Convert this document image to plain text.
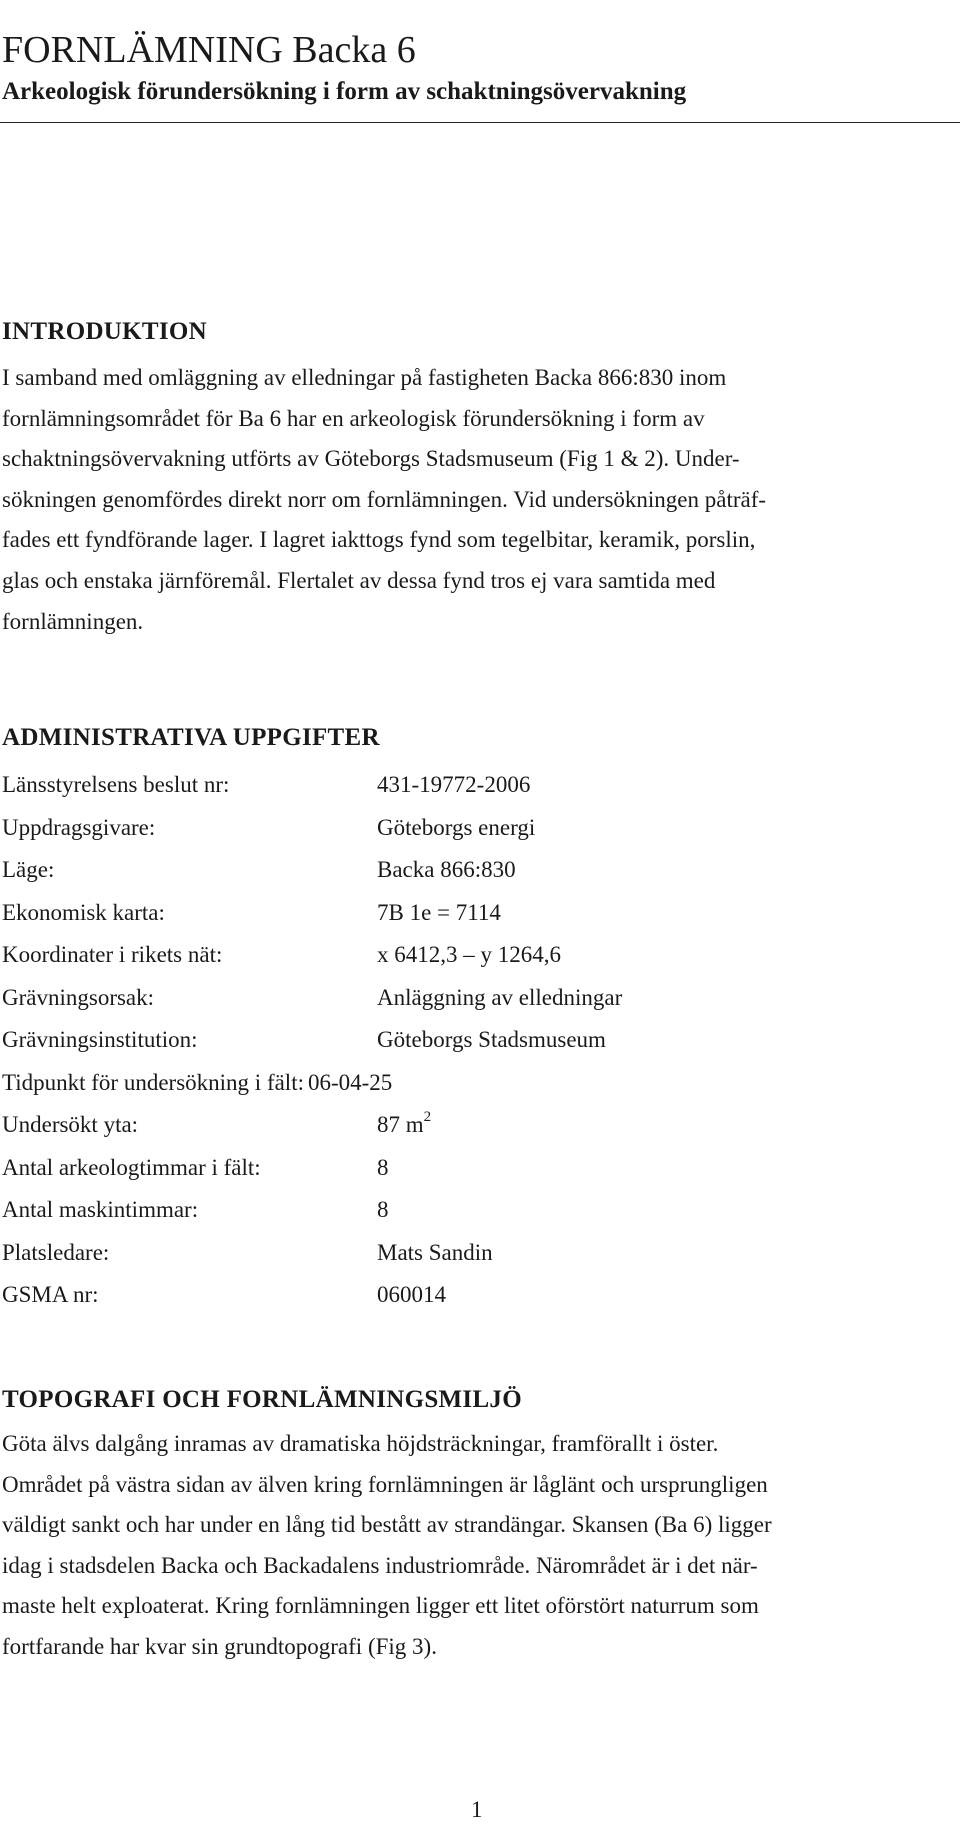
FORNLÄMNING Backa 6
Arkeologisk förundersökning i form av schaktningsövervakning
INTRODUKTION
I samband med omläggning av elledningar på fastigheten Backa 866:830 inom
fornlämningsområdet för Ba 6 har en arkeologisk förundersökning i form av
schaktningsövervakning utförts av Göteborgs Stadsmuseum (Fig 1 & 2). Under-
sökningen genomfördes direkt norr om fornlämningen. Vid undersökningen påträf-
fades ett fyndförande lager. I lagret iakttogs fynd som tegelbitar, keramik, porslin,
glas och enstaka järnföremål. Flertalet av dessa fynd tros ej vara samtida med
fornlämningen.
ADMINISTRATIVA UPPGIFTER
Länsstyrelsens beslut nr:	431-19772-2006
Uppdragsgivare:	Göteborgs energi
Läge:	Backa 866:830
Ekonomisk karta:	7B 1e = 7114
Koordinater i rikets nät:	x 6412,3 – y 1264,6
Grävningsorsak:	Anläggning av elledningar
Grävningsinstitution:	Göteborgs Stadsmuseum
Tidpunkt för undersökning i fält: 06-04-25
Undersökt yta:	87 $m^2$
Antal arkeologtimmar i fält:	8
Antal maskintimmar:	8
Platsledare:	Mats Sandin
GSMA nr:	060014
TOPOGRAFI OCH FORNLÄMNINGSMILJÖ
Göta älvs dalgång inramas av dramatiska höjdsträckningar, framförallt i öster.
Området på västra sidan av älven kring fornlämningen är låglänt och ursprungligen
väldigt sankt och har under en lång tid bestått av strandängar. Skansen (Ba 6) ligger
idag i stadsdelen Backa och Backadalens industriområde. Närområdet är i det när-
maste helt exploaterat. Kring fornlämningen ligger ett litet oförstört naturrum som
fortfarande har kvar sin grundtopografi (Fig 3).
1
